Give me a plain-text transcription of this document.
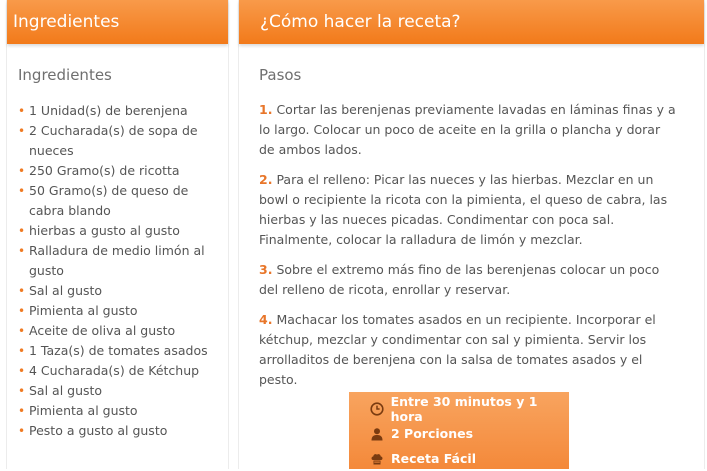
Ingredientes
Ingredientes
• 1 Unidad(s) de berenjena
• 2 Cucharada(s) de sopa de nueces
• 250 Gramo(s) de ricotta
• 50 Gramo(s) de queso de cabra blando
• hierbas a gusto al gusto
• Ralladura de medio limón al gusto
• Sal al gusto
• Pimienta al gusto
• Aceite de oliva al gusto
• 1 Taza(s) de tomates asados
• 4 Cucharada(s) de Kétchup
• Sal al gusto
• Pimienta al gusto
• Pesto a gusto al gusto
¿Cómo hacer la receta?
Pasos

1. Cortar las berenjenas previamente lavadas en láminas finas y a lo largo. Colocar un poco de aceite en la grilla o plancha y dorar de ambos lados.

2. Para el relleno: Picar las nueces y las hierbas. Mezclar en un bowl o recipiente la ricota con la pimienta, el queso de cabra, las hierbas y las nueces picadas. Condimentar con poca sal. Finalmente, colocar la ralladura de limón y mezclar.

3. Sobre el extremo más fino de las berenjenas colocar un poco del relleno de ricota, enrollar y reservar.

4. Machacar los tomates asados en un recipiente. Incorporar el kétchup, mezclar y condimentar con sal y pimienta. Servir los arrolladitos de berenjena con la salsa de tomates asados y el pesto.

Entre 30 minutos y 1 hora
2 Porciones
Receta Fácil
